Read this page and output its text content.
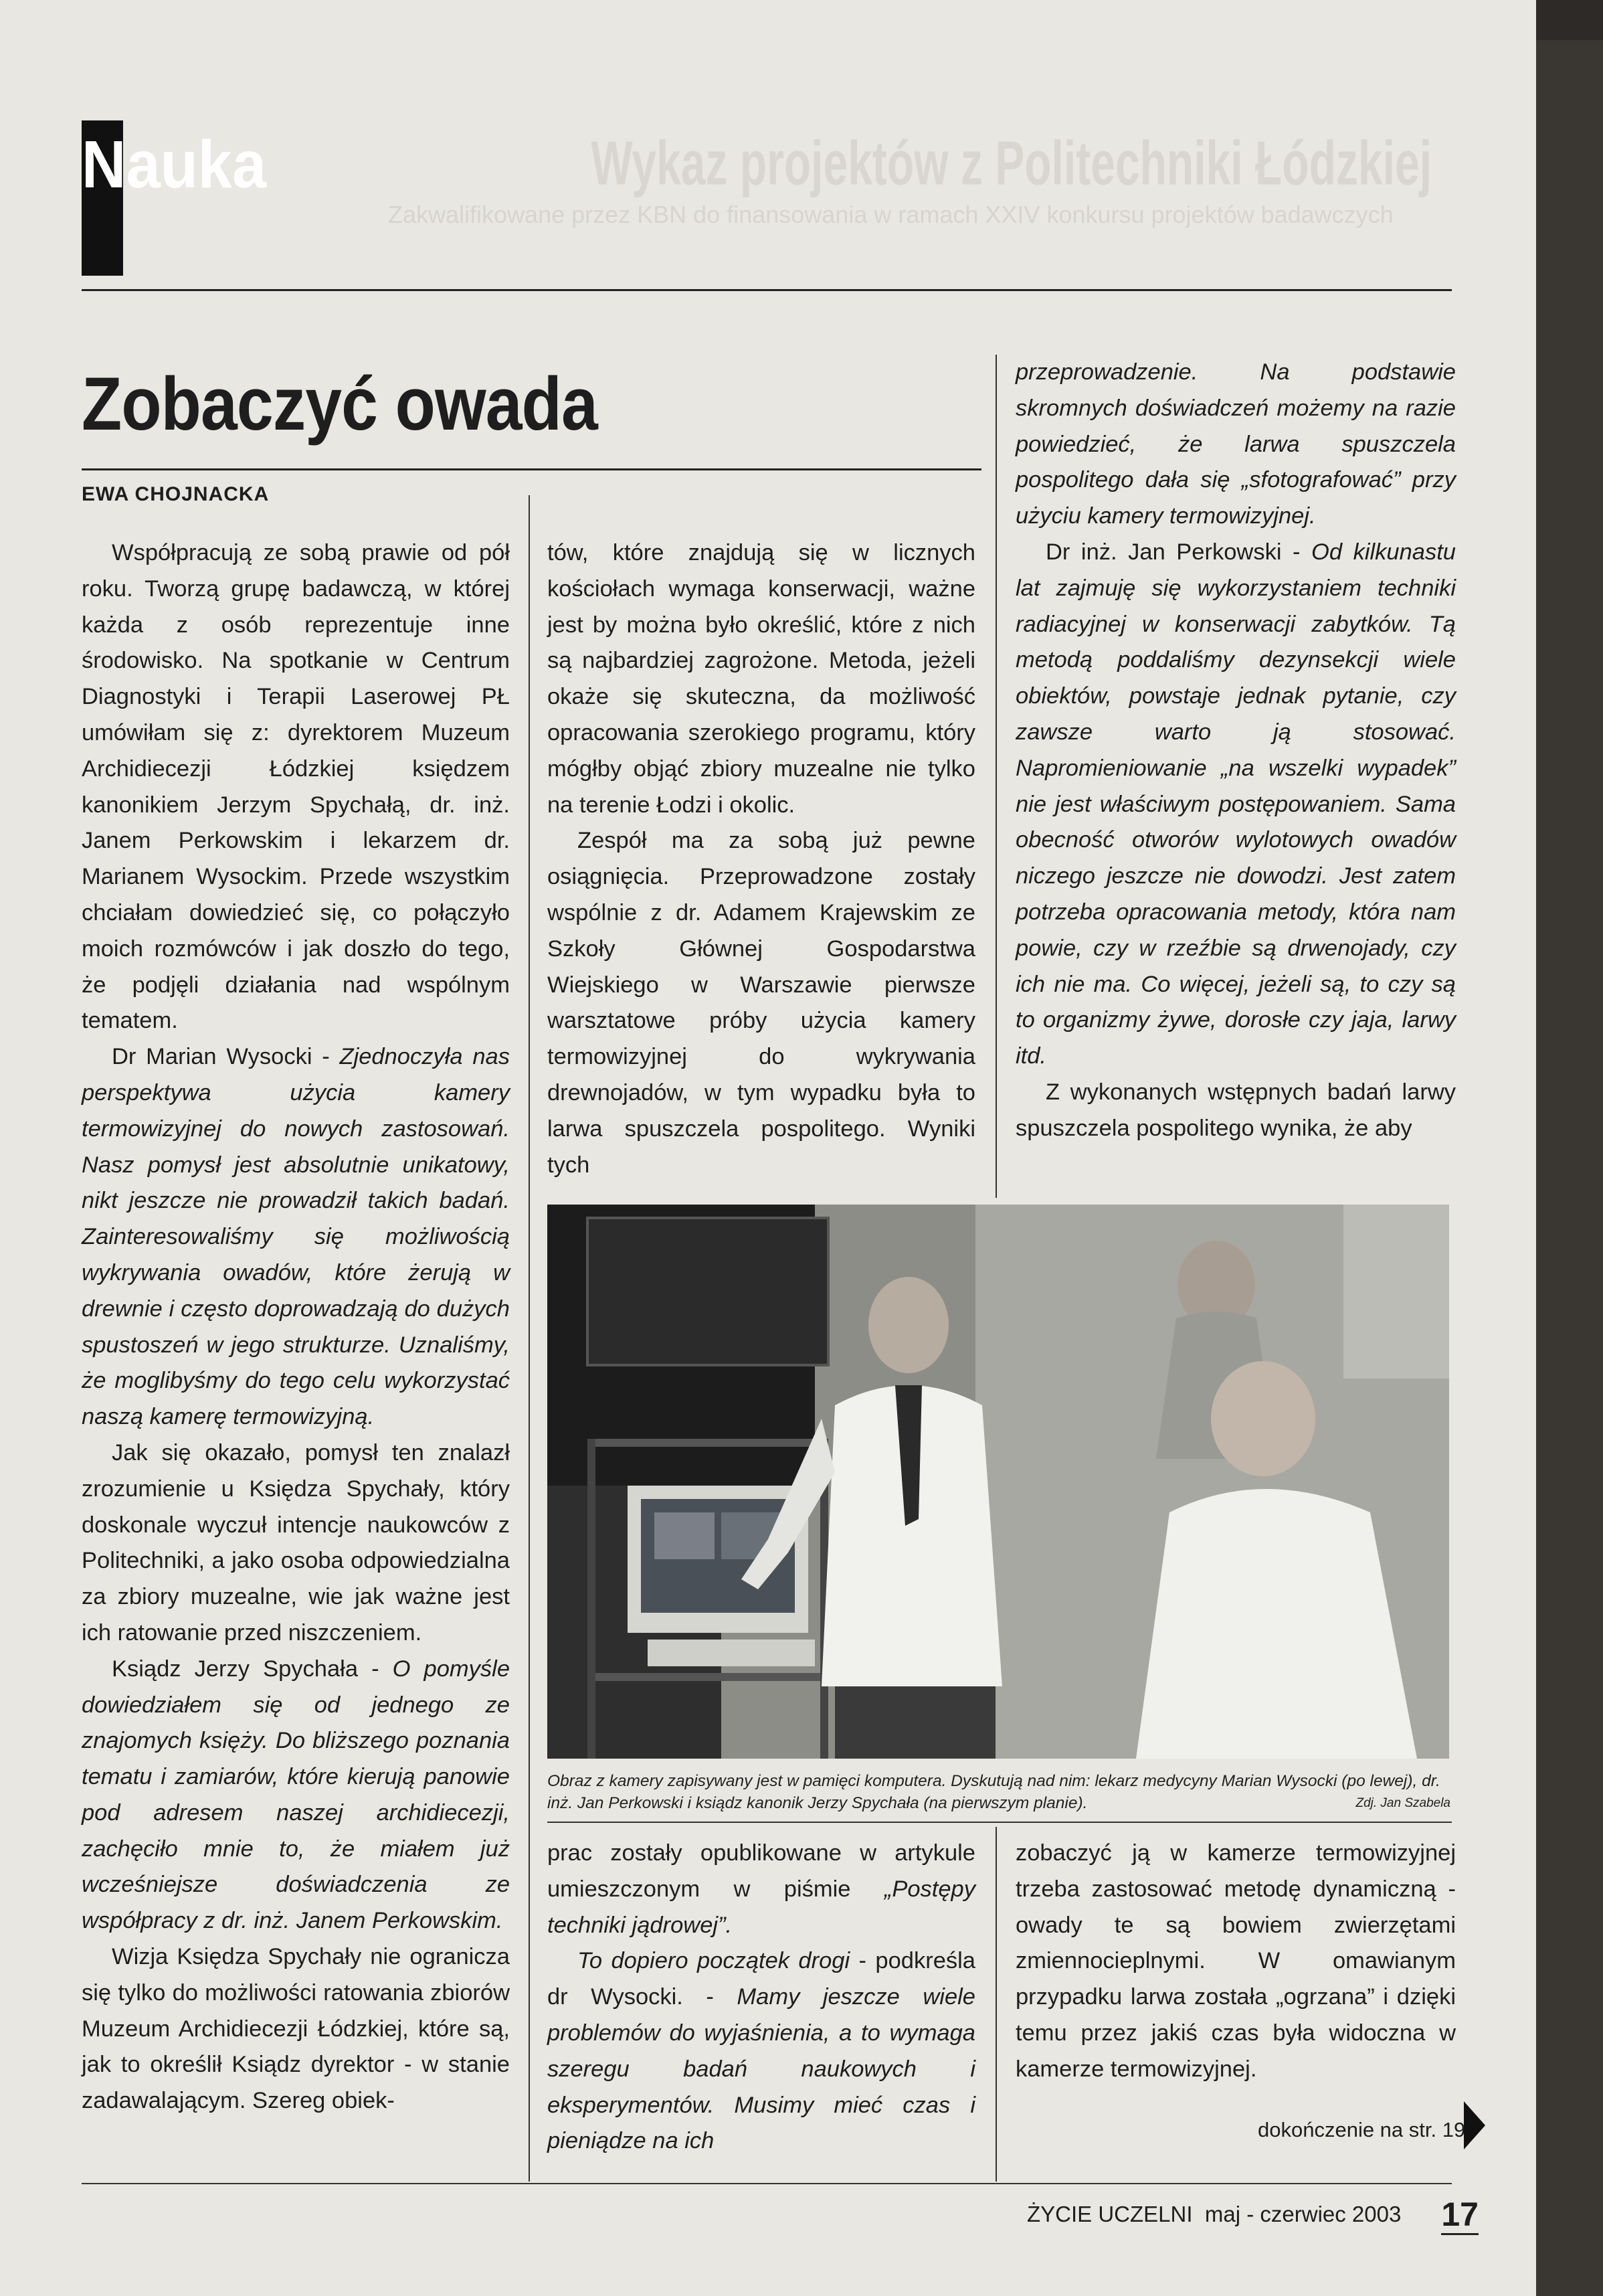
Wykaz projektów z Politechniki Łódzkiej
Zakwalifikowane przez KBN do finansowania w ramach XXIV konkursu projektów badawczych
Nauka
Zobaczyć owada
EWA CHOJNACKA

Współpracują ze sobą prawie od pół roku. Tworzą grupę badawczą, w której każda z osób reprezentuje inne środowisko. Na spotkanie w Centrum Diagnostyki i Terapii Laserowej PŁ umówiłam się z: dyrektorem Muzeum Archidiecezji Łódzkiej księdzem kanonikiem Jerzym Spychałą, dr. inż. Janem Perkowskim i lekarzem dr. Marianem Wysockim. Przede wszystkim chciałam dowiedzieć się, co połączyło moich rozmówców i jak doszło do tego, że podjęli działania nad wspólnym tematem.

Dr Marian Wysocki - Zjednoczyła nas perspektywa użycia kamery termowizyjnej do nowych zastosowań. Nasz pomysł jest absolutnie unikatowy, nikt jeszcze nie prowadził takich badań. Zainteresowaliśmy się możliwością wykrywania owadów, które żerują w drewnie i często doprowadzają do dużych spustoszeń w jego strukturze. Uznaliśmy, że moglibyśmy do tego celu wykorzystać naszą kamerę termowizyjną.

Jak się okazało, pomysł ten znalazł zrozumienie u Księdza Spychały, który doskonale wyczuł intencje naukowców z Politechniki, a jako osoba odpowiedzialna za zbiory muzealne, wie jak ważne jest ich ratowanie przed niszczeniem.

Ksiądz Jerzy Spychała - O pomyśle dowiedziałem się od jednego ze znajomych księży. Do bliższego poznania tematu i zamiarów, które kierują panowie pod adresem naszej archidiecezji, zachęciło mnie to, że miałem już wcześniejsze doświadczenia ze współpracy z dr. inż. Janem Perkowskim.

Wizja Księdza Spychały nie ogranicza się tylko do możliwości ratowania zbiorów Muzeum Archidiecezji Łódzkiej, które są, jak to określił Ksiądz dyrektor - w stanie zadawalającym. Szereg obiek-

tów, które znajdują się w licznych kościołach wymaga konserwacji, ważne jest by można było określić, które z nich są najbardziej zagrożone. Metoda, jeżeli okaże się skuteczna, da możliwość opracowania szerokiego programu, który mógłby objąć zbiory muzealne nie tylko na terenie Łodzi i okolic.

Zespół ma za sobą już pewne osiągnięcia. Przeprowadzone zostały wspólnie z dr. Adamem Krajewskim ze Szkoły Głównej Gospodarstwa Wiejskiego w Warszawie pierwsze warsztatowe próby użycia kamery termowizyjnej do wykrywania drewnojadów, w tym wypadku była to larwa spuszczela pospolitego. Wyniki tych

przeprowadzenie. Na podstawie skromnych doświadczeń możemy na razie powiedzieć, że larwa spuszczela pospolitego dała się „sfotografować” przy użyciu kamery termowizyjnej.

Dr inż. Jan Perkowski - Od kilkunastu lat zajmuję się wykorzystaniem techniki radiacyjnej w konserwacji zabytków. Tą metodą poddaliśmy dezynsekcji wiele obiektów, powstaje jednak pytanie, czy zawsze warto ją stosować. Napromieniowanie „na wszelki wypadek” nie jest właściwym postępowaniem. Sama obecność otworów wylotowych owadów niczego jeszcze nie dowodzi. Jest zatem potrzeba opracowania metody, która nam powie, czy w rzeźbie są drwenojady, czy ich nie ma. Co więcej, jeżeli są, to czy są to organizmy żywe, dorosłe czy jaja, larwy itd.

Z wykonanych wstępnych badań larwy spuszczela pospolitego wynika, że aby

Obraz z kamery zapisywany jest w pamięci komputera. Dyskutują nad nim: lekarz medycyny Marian Wysocki (po lewej), dr. inż. Jan Perkowski i ksiądz kanonik Jerzy Spychała (na pierwszym planie).	Zdj. Jan Szabela

prac zostały opublikowane w artykule umieszczonym w piśmie „Postępy techniki jądrowej”.

To dopiero początek drogi - podkreśla dr Wysocki. - Mamy jeszcze wiele problemów do wyjaśnienia, a to wymaga szeregu badań naukowych i eksperymentów. Musimy mieć czas i pieniądze na ich

zobaczyć ją w kamerze termowizyjnej trzeba zastosować metodę dynamiczną - owady te są bowiem zwierzętami zmiennocieplnymi. W omawianym przypadku larwa została „ogrzana” i dzięki temu przez jakiś czas była widoczna w kamerze termowizyjnej.

dokończenie na str. 19
ŻYCIE UCZELNI maj - czerwiec 2003 17
